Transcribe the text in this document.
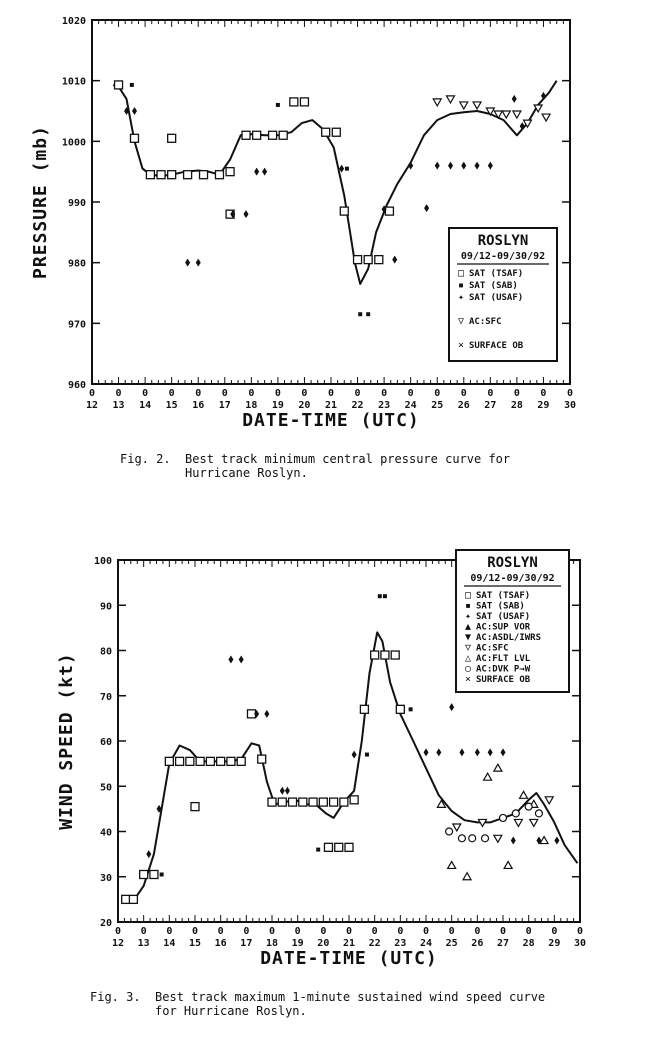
960
970
980
990
1000
1010
1020
0
12
0
13
0
14
0
15
0
16
0
17
0
18
0
19
0
20
0
21
0
22
0
23
0
24
0
25
0
26
0
27
0
28
0
29
0
30
DATE-TIME (UTC)
PRESSURE (mb)	ROSLYN
09/12-09/30/92
□ SAT (TSAF)
▪ SAT (SAB)
✦ SAT (USAF)
▽ AC:SFC
× SURFACE OB
Fig. 2.  Best track minimum central pressure curve for
Hurricane Roslyn.
20
30
40
50
60
70
80
90
100
0
12
0
13
0
14
0
15
0
16
0
17
0
18
0
19
0
20
0
21
0
22
0
23
0
24
0
25
0
26
0
27
0
28
0
29
0
30
DATE-TIME (UTC)
WIND SPEED (kt)
ROSLYN
09/12-09/30/92
□ SAT (TSAF)
▪ SAT (SAB)
✦ SAT (USAF)
▲ AC:SUP VOR
▼ AC:ASDL/IWRS
▽ AC:SFC
△ AC:FLT LVL
○ AC:DVK P→W
× SURFACE OB
Fig. 3.  Best track maximum 1-minute sustained wind speed curve
for Hurricane Roslyn.
